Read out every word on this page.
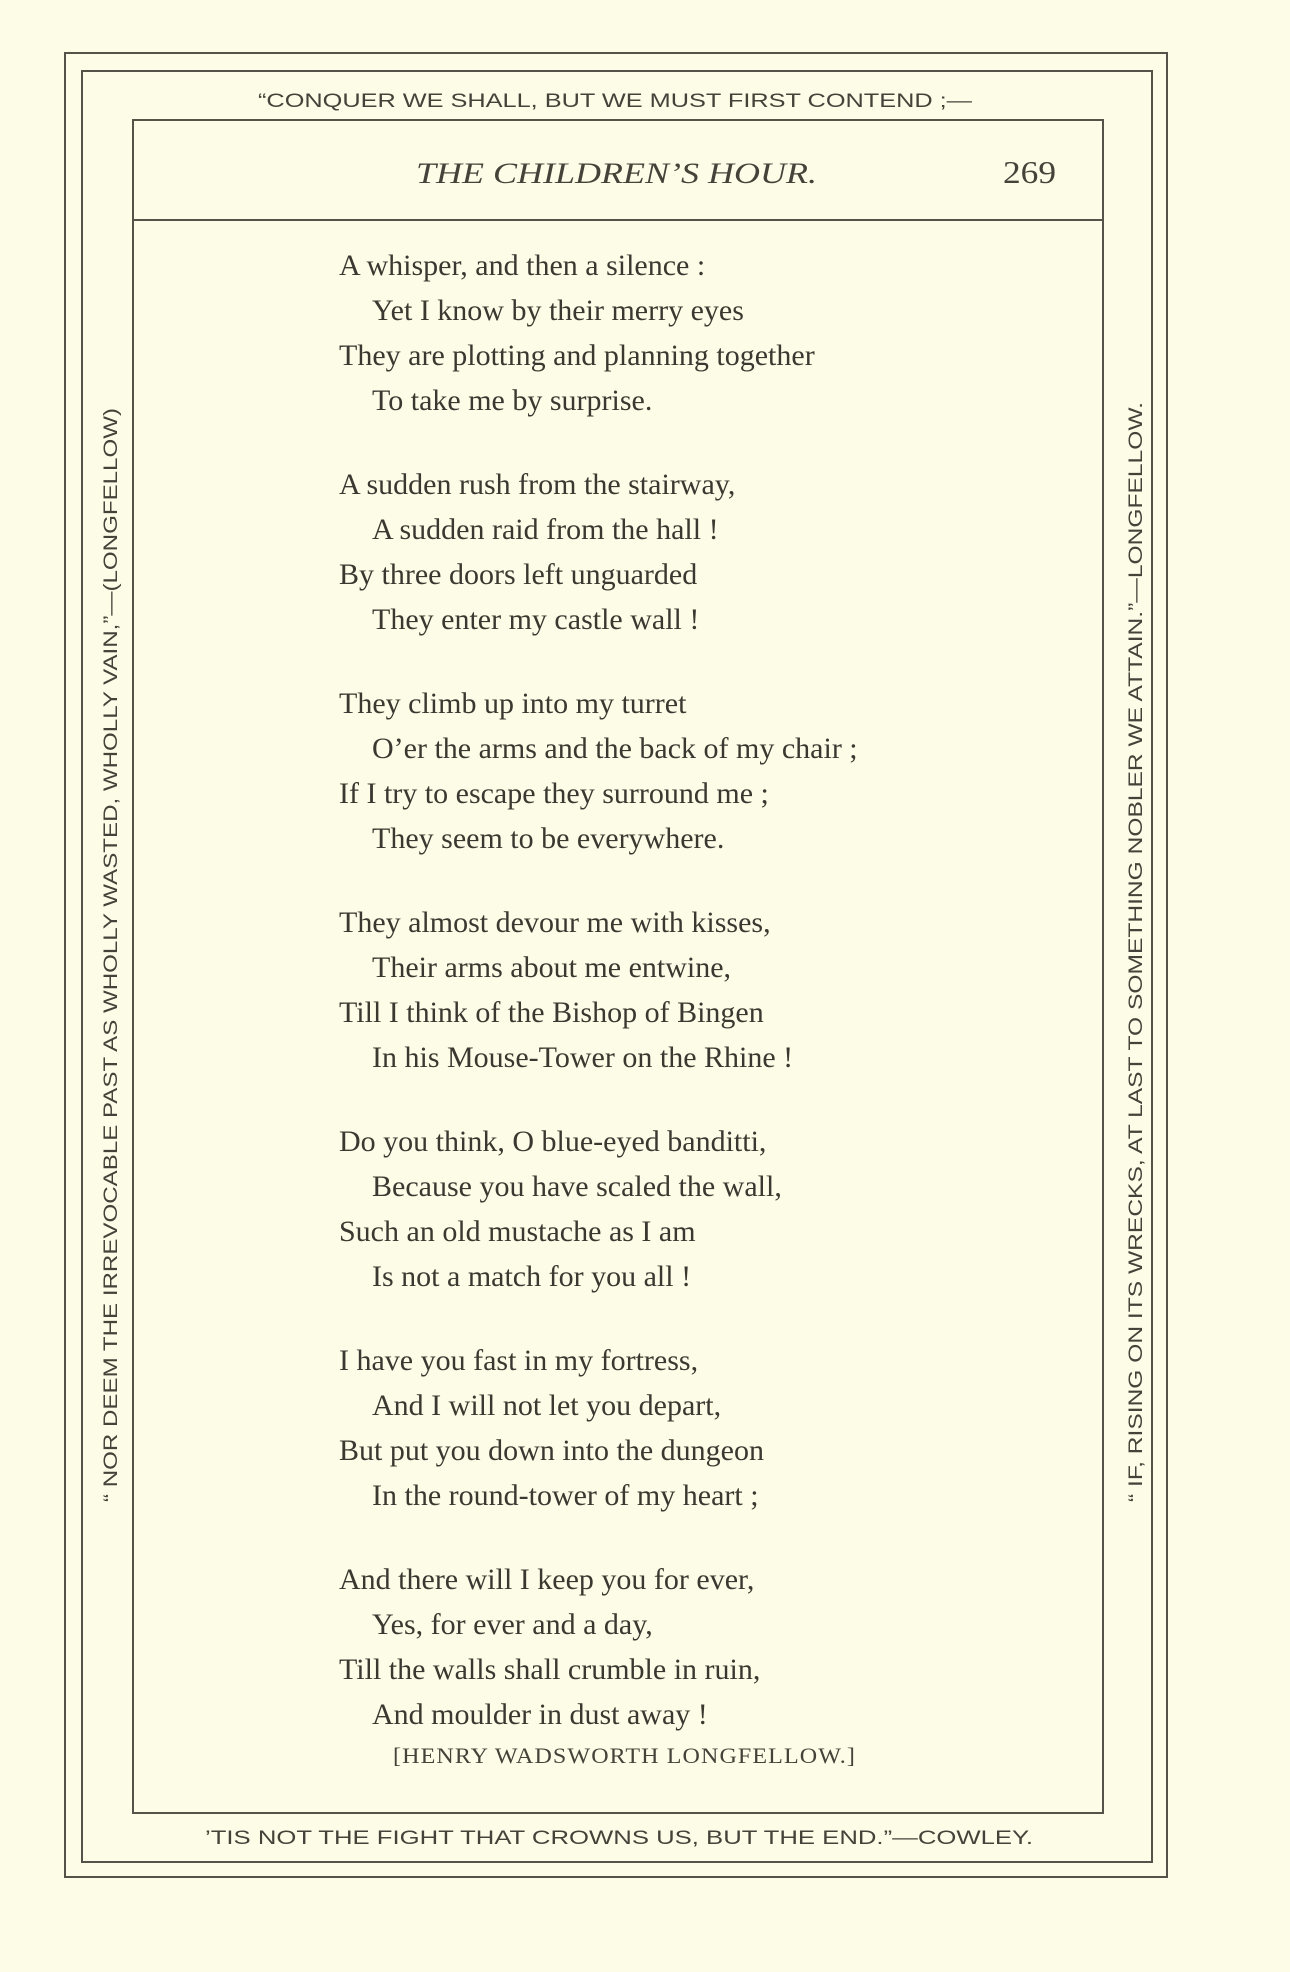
“CONQUER WE SHALL, BUT WE MUST FIRST CONTEND ;—
’TIS NOT THE FIGHT THAT CROWNS US, BUT THE END.”—COWLEY.
“ NOR DEEM THE IRREVOCABLE PAST AS WHOLLY WASTED, WHOLLY VAIN,”—(LONGFELLOW)	“ IF, RISING ON ITS WRECKS, AT LAST TO SOMETHING NOBLER WE ATTAIN.”—LONGFELLOW.
THE CHILDREN’S HOUR.	269
[HENRY WADSWORTH LONGFELLOW.]
A whisper, and then a silence :
Yet I know by their merry eyes
They are plotting and planning together
To take me by surprise.
A sudden rush from the stairway,
A sudden raid from the hall !
By three doors left unguarded
They enter my castle wall !
They climb up into my turret
O’er the arms and the back of my chair ;
If I try to escape they surround me ;
They seem to be everywhere.
They almost devour me with kisses,
Their arms about me entwine,
Till I think of the Bishop of Bingen
In his Mouse-Tower on the Rhine !
Do you think, O blue-eyed banditti,
Because you have scaled the wall,
Such an old mustache as I am
Is not a match for you all !
I have you fast in my fortress,
And I will not let you depart,
But put you down into the dungeon
In the round-tower of my heart ;
And there will I keep you for ever,
Yes, for ever and a day,
Till the walls shall crumble in ruin,
And moulder in dust away !
